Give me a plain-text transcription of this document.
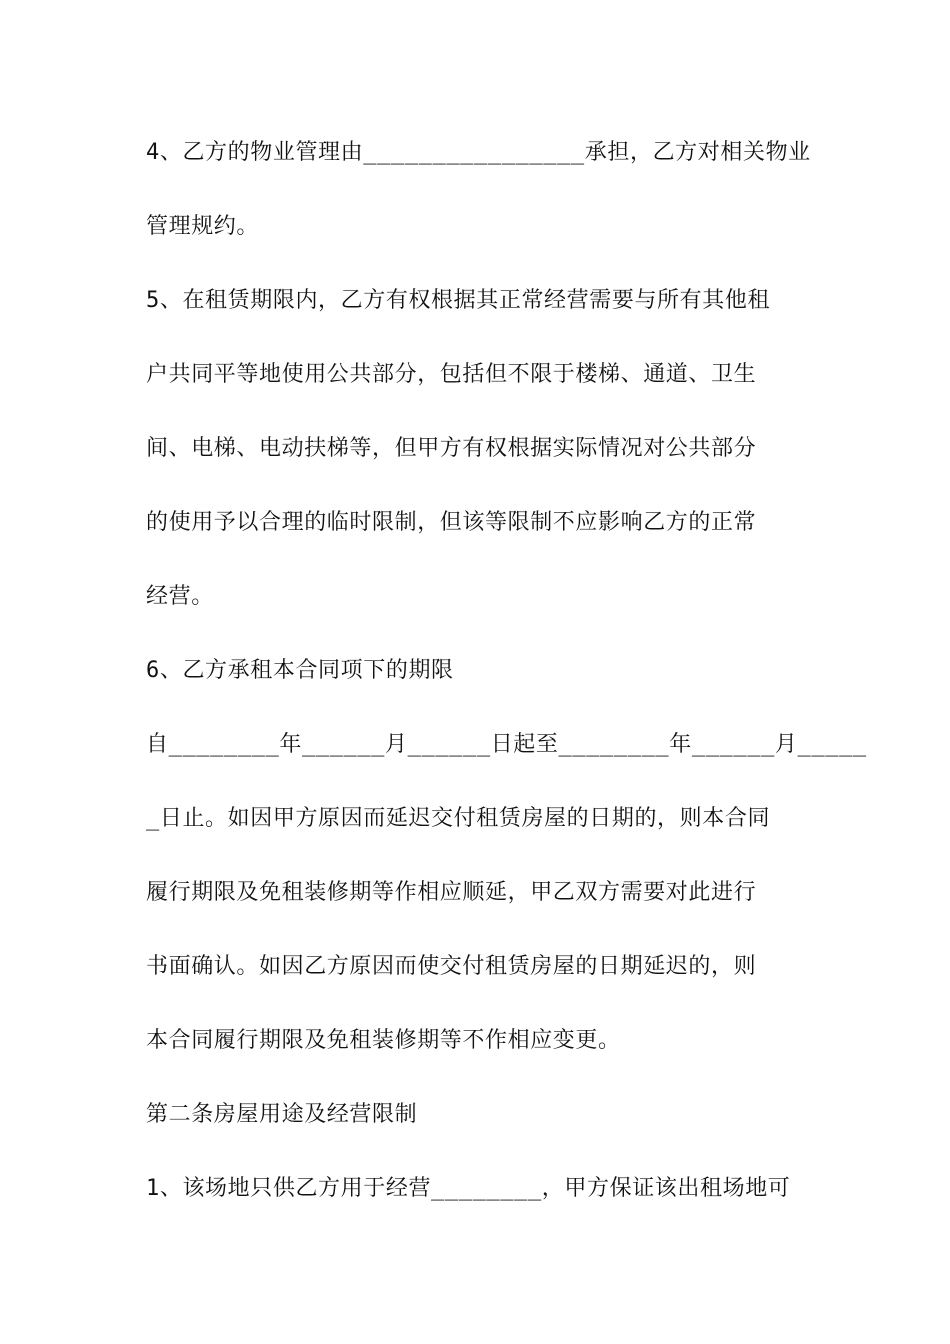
4、乙方的物业管理由________________承担，乙方对相关物业
管理规约。
5、在租赁期限内，乙方有权根据其正常经营需要与所有其他租
户共同平等地使用公共部分，包括但不限于楼梯、通道、卫生
间、电梯、电动扶梯等，但甲方有权根据实际情况对公共部分
的使用予以合理的临时限制，但该等限制不应影响乙方的正常
经营。
6、乙方承租本合同项下的期限
自________年______月______日起至________年______月_____
_日止。如因甲方原因而延迟交付租赁房屋的日期的，则本合同
履行期限及免租装修期等作相应顺延，甲乙双方需要对此进行
书面确认。如因乙方原因而使交付租赁房屋的日期延迟的，则
本合同履行期限及免租装修期等不作相应变更。
第二条房屋用途及经营限制
1、该场地只供乙方用于经营________，甲方保证该出租场地可
